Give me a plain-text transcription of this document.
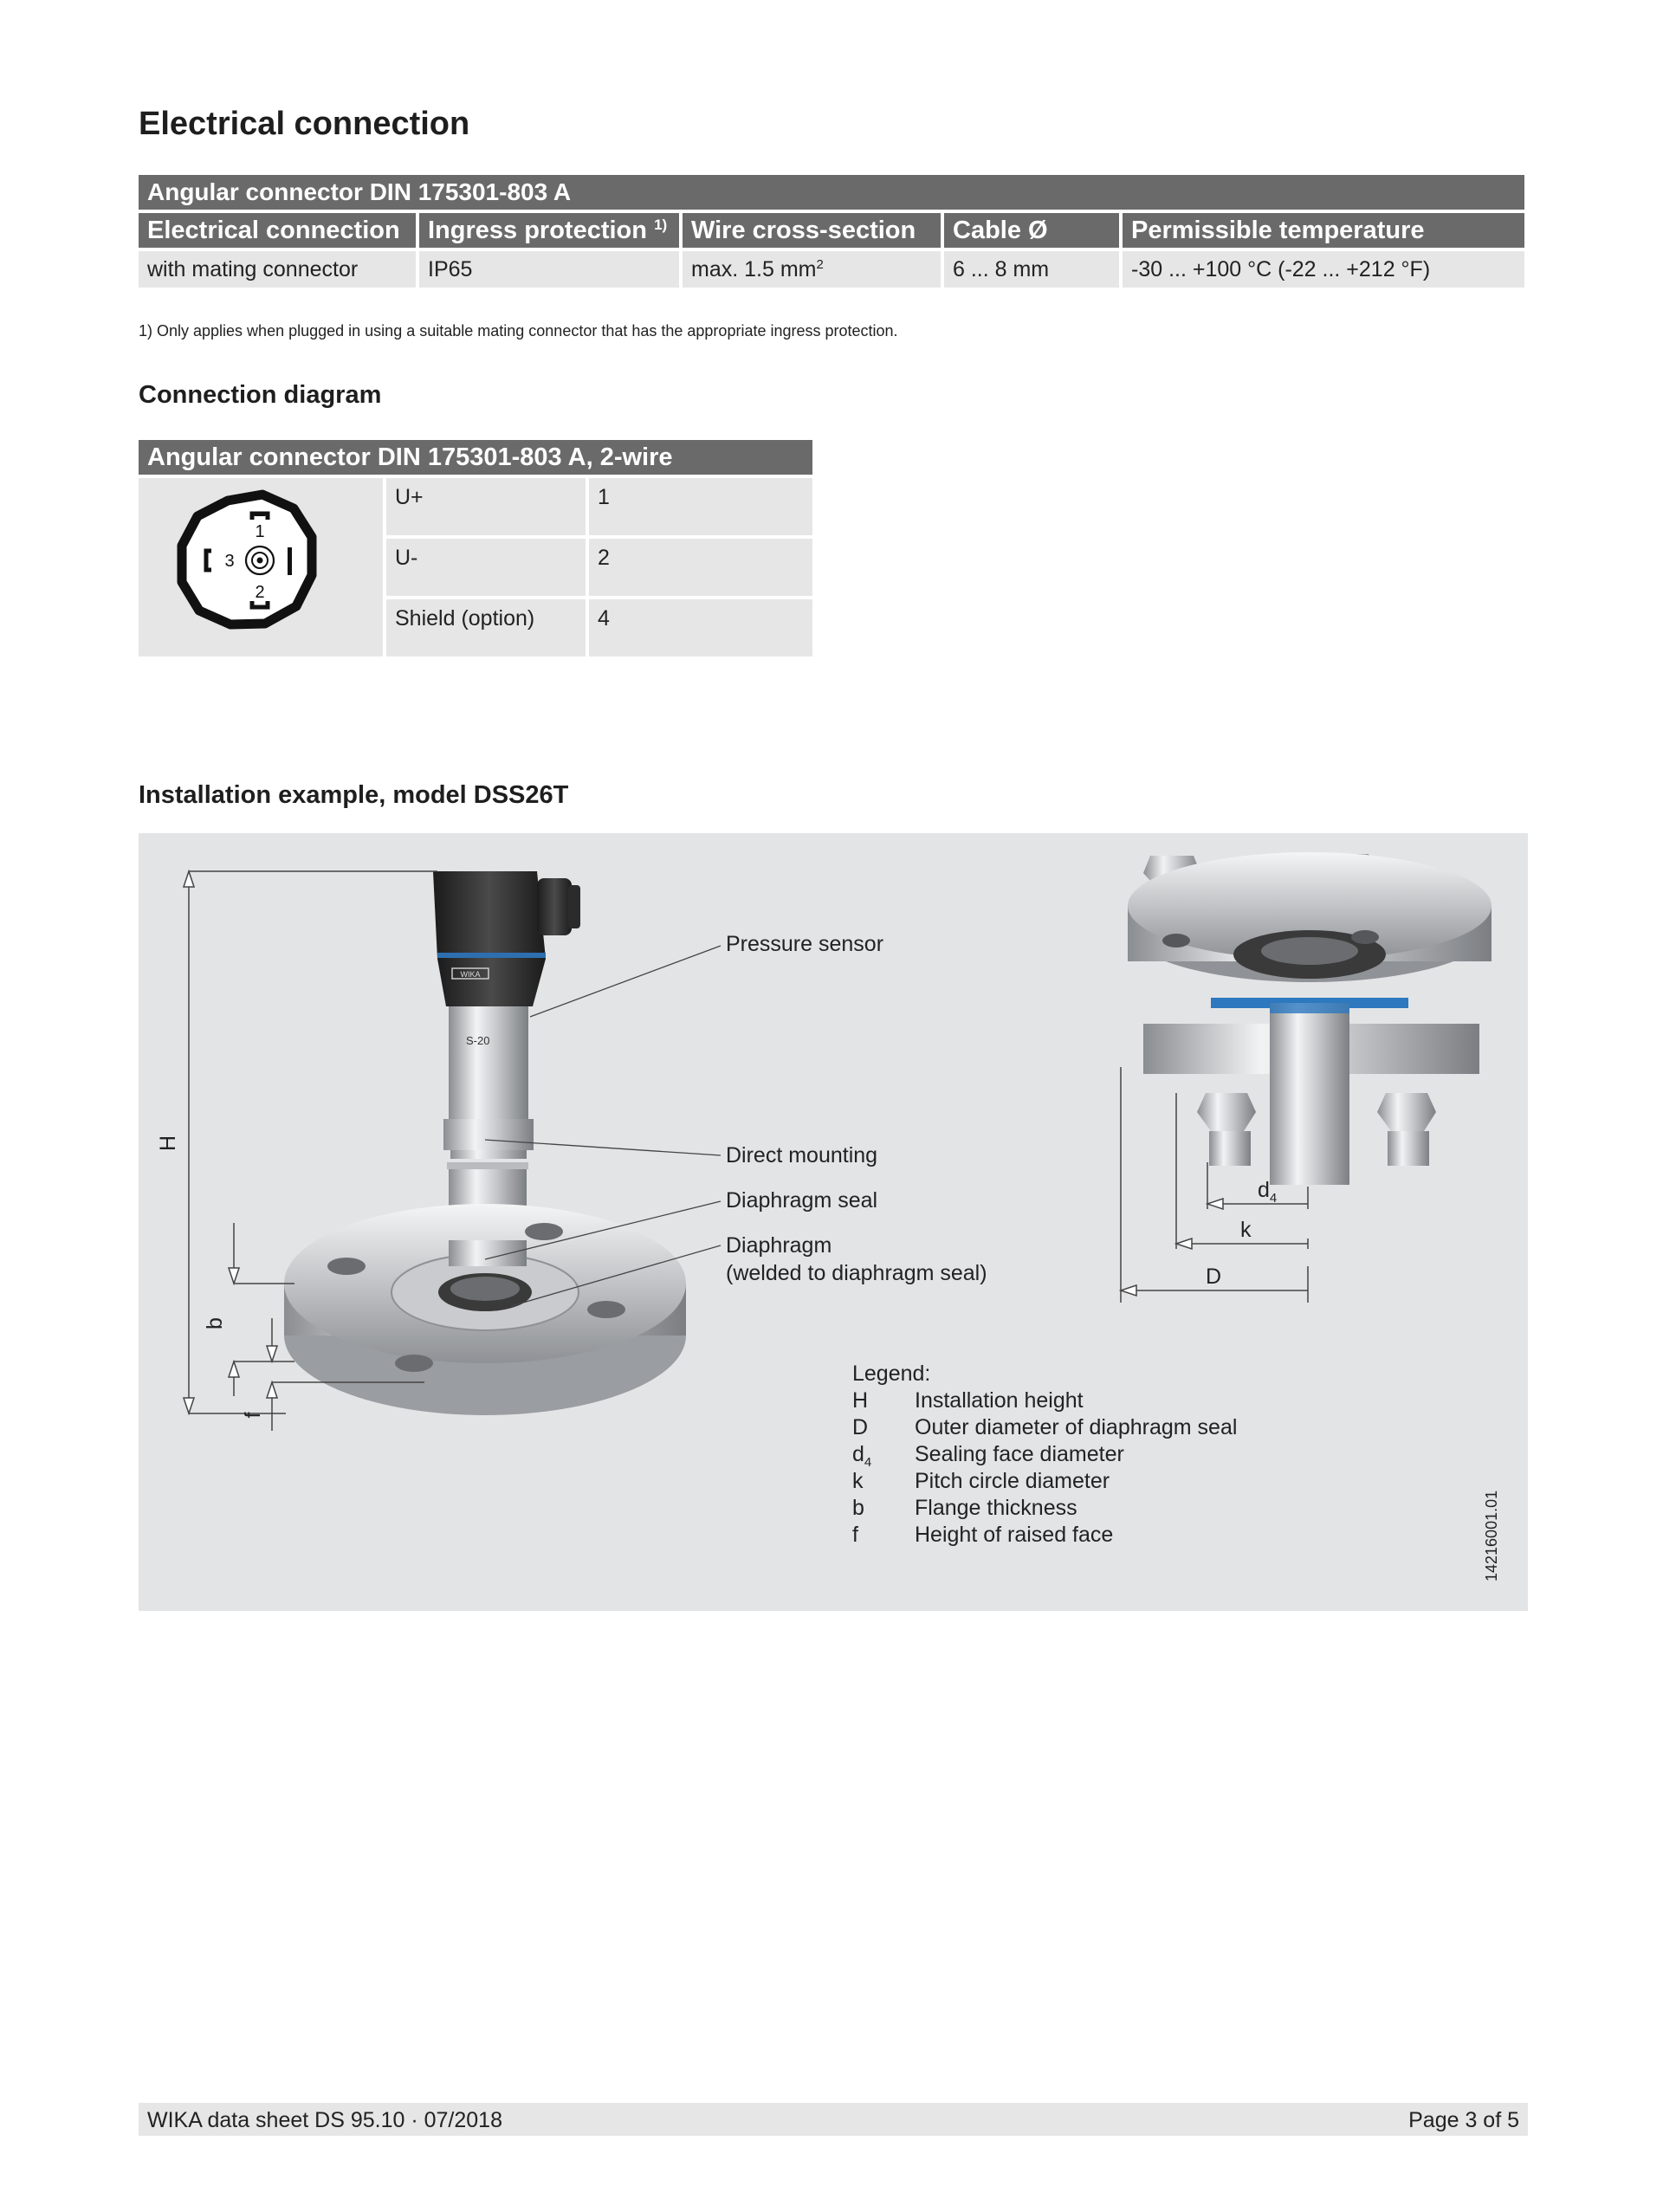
Electrical connection
Angular connector DIN 175301-803 A				
Electrical connection	Ingress protection $^{1)}$	Wire cross-section	Cable Ø	Permissible temperature
with mating connector	IP65	max. 1.5 $mm^2$	6 ... 8 mm	-30 ... +100 °C (-22 ... +212 °F)
1) Only applies when plugged in using a suitable mating connector that has the appropriate ingress protection.
Connection diagram
Angular connector DIN 175301-803 A, 2-wire		

1
2
3	U+	1
	U-	2
	Shield (option)	4
Installation example, model DSS26T
WIKA
S-20
H
b
f
$d_4$
k
D
14216001.01
Pressure sensor
Direct mounting
Diaphragm seal
Diaphragm
(welded to diaphragm seal)
Legend:
H Installation height
D Outer diameter of diaphragm seal
$d_4$ Sealing face diameter
k Pitch circle diameter
b Flange thickness
f	Height of raised face
WIKA data sheet DS 95.10 · 07/2018	Page 3 of 5
